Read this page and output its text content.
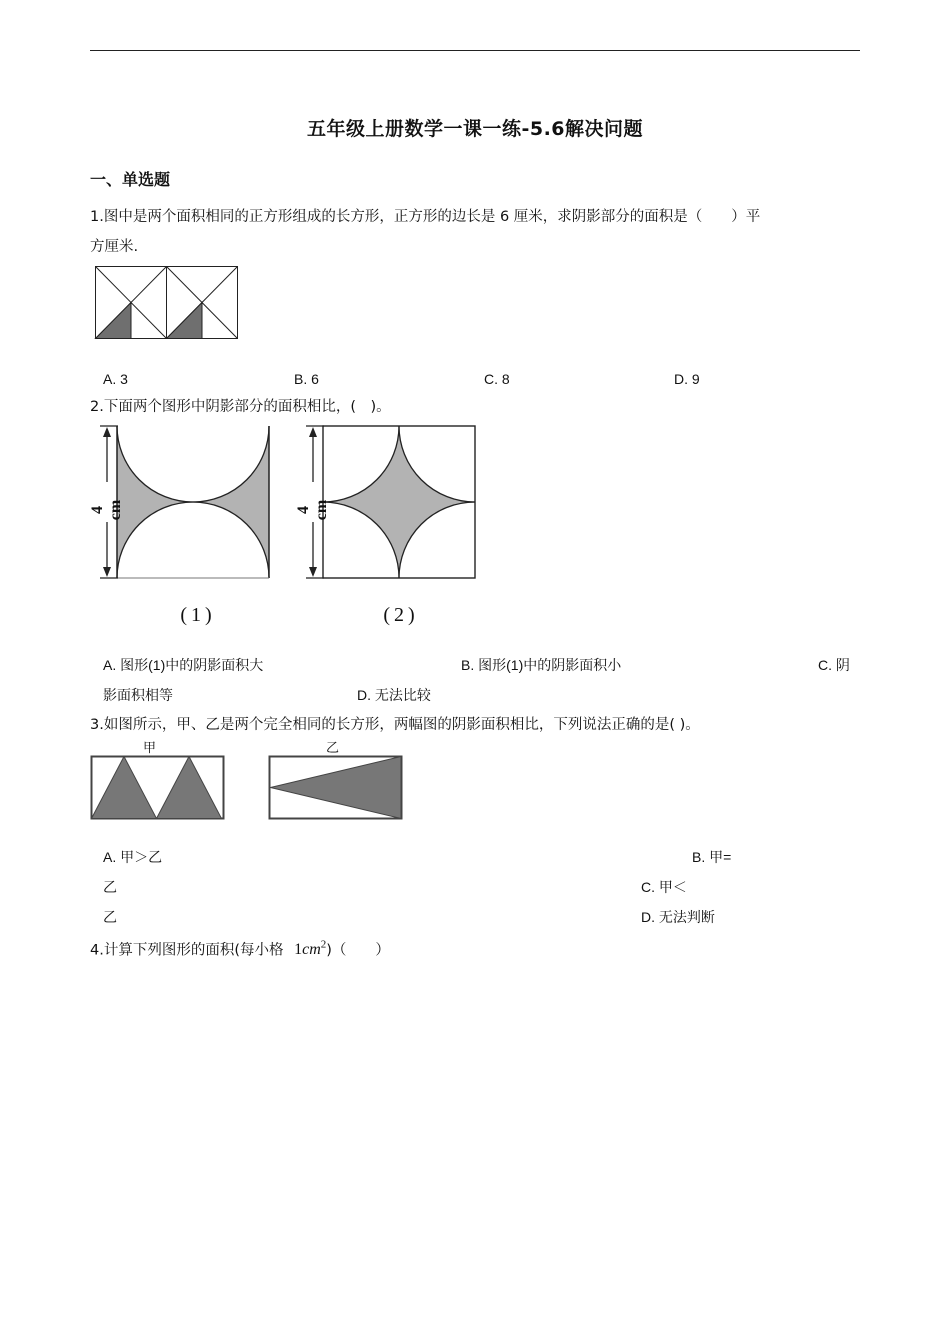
五年级上册数学一课一练-5.6解决问题
一、单选题
1.图中是两个面积相同的正方形组成的长方形，正方形的边长是 6 厘米，求阴影部分的面积是（　　）平
方厘米.
A. 3	B. 6	C. 8	D. 9
2.下面两个图形中阴影部分的面积相比，(　)。
4 cm
(1)
4 cm
(2)
A. 图形(1)中的阴影面积大	B. 图形(1)中的阴影面积小	C. 阴
影面积相等	D. 无法比较
3.如图所示，甲、乙是两个完全相同的长方形，两幅图的阴影面积相比，下列说法正确的是( )。
甲	乙
A. 甲＞乙	B. 甲=
乙	C. 甲＜
乙	D. 无法判断
4.计算下列图形的面积(每小格 $1cm^2$)（　　）
